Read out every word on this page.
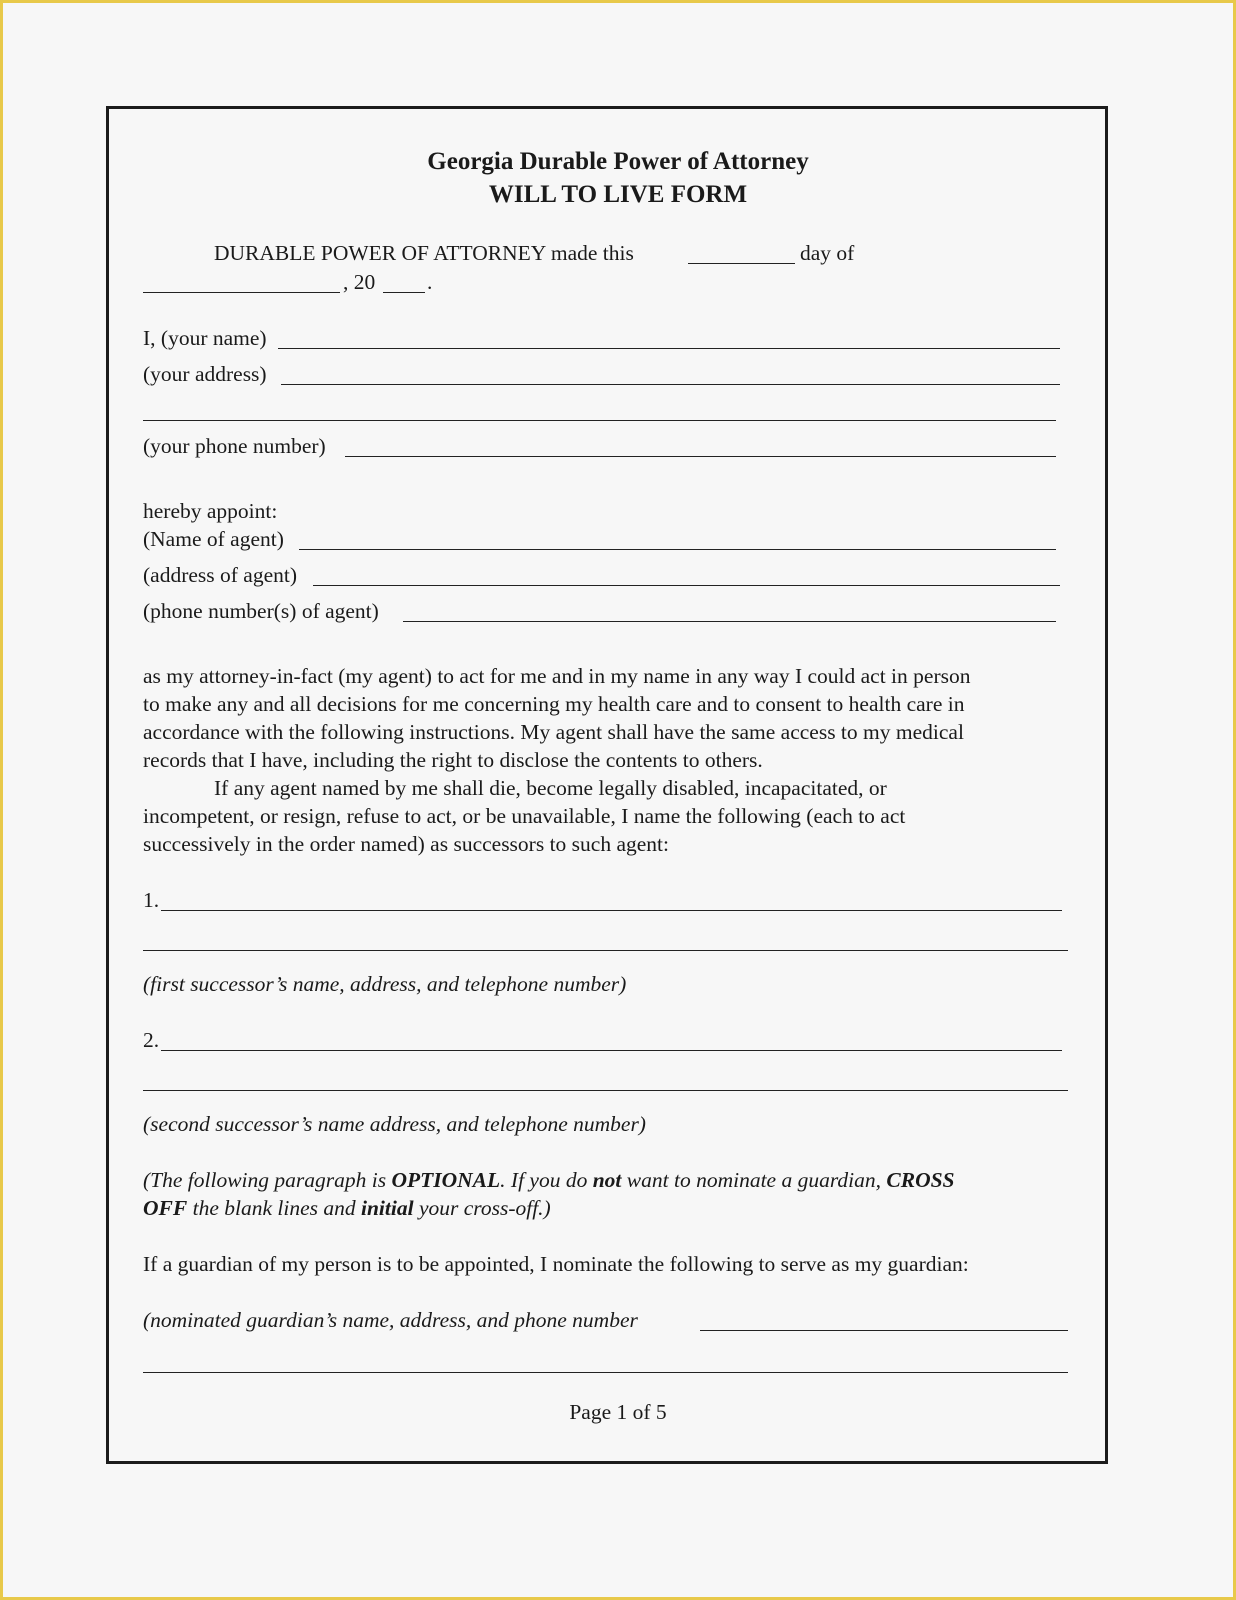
Georgia Durable Power of Attorney
WILL TO LIVE FORM
DURABLE POWER OF ATTORNEY made this	day of
, 20 .
I, (your name)
(your address)
(your phone number)
hereby appoint:
(Name of agent)
(address of agent)
(phone number(s) of agent)
as my attorney-in-fact (my agent) to act for me and in my name in any way I could act in person
to make any and all decisions for me concerning my health care and to consent to health care in
accordance with the following instructions. My agent shall have the same access to my medical
records that I have, including the right to disclose the contents to others.
If any agent named by me shall die, become legally disabled, incapacitated, or
incompetent, or resign, refuse to act, or be unavailable, I name the following (each to act
successively in the order named) as successors to such agent:
1.
(first successor’s name, address, and telephone number)
2.
(second successor’s name address, and telephone number)
(The following paragraph is OPTIONAL. If you do not want to nominate a guardian, CROSS
OFF the blank lines and initial your cross-off.)
If a guardian of my person is to be appointed, I nominate the following to serve as my guardian:
(nominated guardian’s name, address, and phone number
Page 1 of 5
